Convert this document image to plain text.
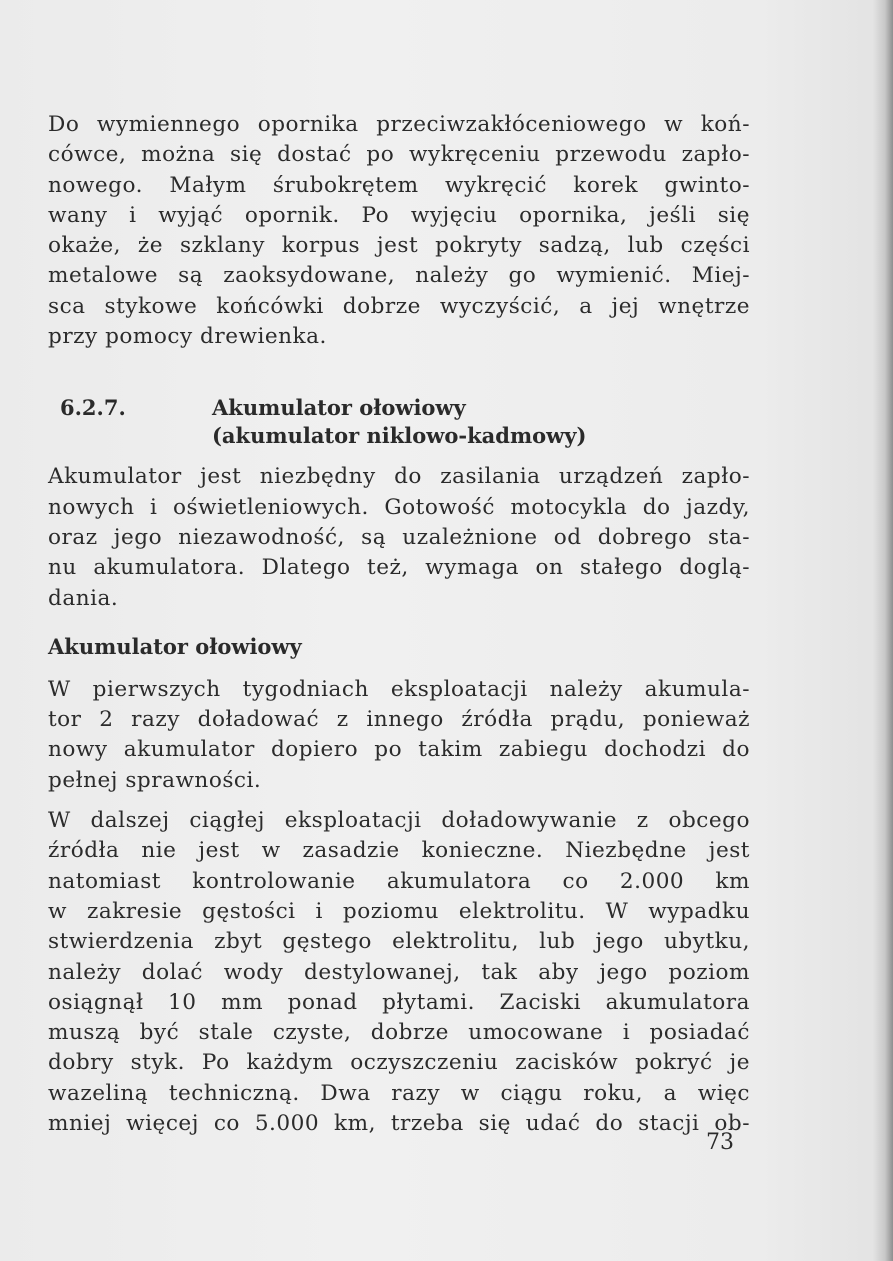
Do wymiennego opornika przeciwzakłóceniowego w koń-
cówce, można się dostać po wykręceniu przewodu zapło-
nowego. Małym śrubokrętem wykręcić korek gwinto-
wany i wyjąć opornik. Po wyjęciu opornika, jeśli się
okaże, że szklany korpus jest pokryty sadzą, lub części
metalowe są zaoksydowane, należy go wymienić. Miej-
sca stykowe końcówki dobrze wyczyścić, a jej wnętrze
przy pomocy drewienka.

6.2.7.	Akumulator ołowiowy
(akumulator niklowo-kadmowy)

Akumulator jest niezbędny do zasilania urządzeń zapło-
nowych i oświetleniowych. Gotowość motocykla do jazdy,
oraz jego niezawodność, są uzależnione od dobrego sta-
nu akumulatora. Dlatego też, wymaga on stałego doglą-
dania.

Akumulator ołowiowy

W pierwszych tygodniach eksploatacji należy akumula-
tor 2 razy doładować z innego źródła prądu, ponieważ
nowy akumulator dopiero po takim zabiegu dochodzi do
pełnej sprawności.

W dalszej ciągłej eksploatacji doładowywanie z obcego
źródła nie jest w zasadzie konieczne. Niezbędne jest
natomiast kontrolowanie akumulatora co 2.000 km
w zakresie gęstości i poziomu elektrolitu. W wypadku
stwierdzenia zbyt gęstego elektrolitu, lub jego ubytku,
należy dolać wody destylowanej, tak aby jego poziom
osiągnął 10 mm ponad płytami. Zaciski akumulatora
muszą być stale czyste, dobrze umocowane i posiadać
dobry styk. Po każdym oczyszczeniu zacisków pokryć je
wazeliną techniczną. Dwa razy w ciągu roku, a więc
mniej więcej co 5.000 km, trzeba się udać do stacji ob-

73
